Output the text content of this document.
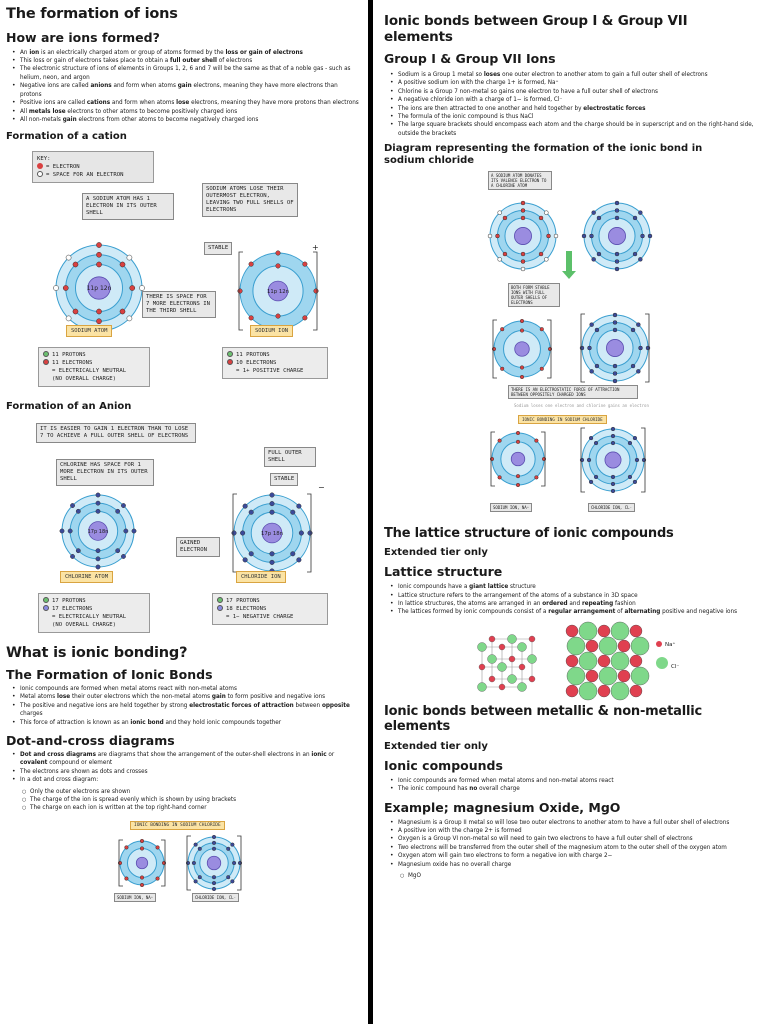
The formation of ions
How are ions formed?
• An ion is an electrically charged atom or group of atoms formed by the loss or gain of electrons
• This loss or gain of electrons takes place to obtain a full outer shell of electrons
• The electronic structure of ions of elements in Groups 1, 2, 6 and 7 will be the same as that of a noble gas - such as helium, neon, and argon
• Negative ions are called anions and form when atoms gain electrons, meaning they have more electrons than protons
• Positive ions are called cations and form when atoms lose electrons, meaning they have more protons than electrons
• All metals lose electrons to other atoms to become positively charged ions
• All non-metals gain electrons from other atoms to become negatively charged ions
Formation of a cation
KEY:
= ELECTRON
= SPACE FOR AN ELECTRON
A SODIUM ATOM HAS 1 ELECTRON IN ITS OUTER SHELL
SODIUM ATOMS LOSE THEIR OUTERMOST ELECTRON, LEAVING TWO FULL SHELLS OF ELECTRONS
STABLE
11p 12n	11p 12n
+
THERE IS SPACE FOR 7 MORE ELECTRONS IN THE THIRD SHELL
SODIUM ATOM	SODIUM ION
11 PROTONS
11 ELECTRONS
= ELECTRICALLY NEUTRAL
(NO OVERALL CHARGE)
11 PROTONS
10 ELECTRONS
= 1+ POSITIVE CHARGE
Formation of an Anion
IT IS EASIER TO GAIN 1 ELECTRON THAN TO LOSE 7 TO ACHIEVE A FULL OUTER SHELL OF ELECTRONS
CHLORINE HAS SPACE FOR 1 MORE ELECTRON IN ITS OUTER SHELL
FULL OUTER SHELL
STABLE
17p 18n	17p 18n
−
GAINED ELECTRON
CHLORINE ATOM	CHLORIDE ION
17 PROTONS
17 ELECTRONS
= ELECTRICALLY NEUTRAL
(NO OVERALL CHARGE)
17 PROTONS
18 ELECTRONS
= 1− NEGATIVE CHARGE
What is ionic bonding?
The Formation of Ionic Bonds
• Ionic compounds are formed when metal atoms react with non-metal atoms
• Metal atoms lose their outer electrons which the non-metal atoms gain to form positive and negative ions
• The positive and negative ions are held together by strong electrostatic forces of attraction between opposite charges
• This force of attraction is known as an ionic bond and they hold ionic compounds together
Dot-and-cross diagrams
• Dot and cross diagrams are diagrams that show the arrangement of the outer-shell electrons in an ionic or covalent compound or element
• The electrons are shown as dots and crosses
• In a dot and cross diagram:
○ Only the outer electrons are shown
○ The charge of the ion is spread evenly which is shown by using brackets
○ The charge on each ion is written at the top right-hand corner
IONIC BONDING IN SODIUM CHLORIDE
SODIUM ION, NA⁺	CHLORIDE ION, CL⁻
Ionic bonds between Group I & Group VII elements
Group I & Group VII Ions
• Sodium is a Group 1 metal so loses one outer electron to another atom to gain a full outer shell of electrons
• A positive sodium ion with the charge 1+ is formed, Na⁺
• Chlorine is a Group 7 non-metal so gains one electron to have a full outer shell of electrons
• A negative chloride ion with a charge of 1− is formed, Cl⁻
• The ions are then attracted to one another and held together by electrostatic forces
• The formula of the ionic compound is thus NaCl
• The large square brackets should encompass each atom and the charge should be in superscript and on the right-hand side, outside the brackets
Diagram representing the formation of the ionic bond in sodium chloride
A SODIUM ATOM DONATES ITS VALENCE ELECTRON TO A CHLORINE ATOM
BOTH FORM STABLE IONS WITH FULL OUTER SHELLS OF ELECTRONS
THERE IS AN ELECTROSTATIC FORCE OF ATTRACTION BETWEEN OPPOSITELY CHARGED IONS
Sodium loses one electron and chlorine gains an electron
IONIC BONDING IN SODIUM CHLORIDE
SODIUM ION, NA⁺	CHLORIDE ION, CL⁻
The lattice structure of ionic compounds
Extended tier only
Lattice structure
• Ionic compounds have a giant lattice structure
• Lattice structure refers to the arrangement of the atoms of a substance in 3D space
• In lattice structures, the atoms are arranged in an ordered and repeating fashion
• The lattices formed by ionic compounds consist of a regular arrangement of alternating positive and negative ions
Na⁺
Cl⁻
Ionic bonds between metallic & non-metallic elements
Extended tier only
Ionic compounds
• Ionic compounds are formed when metal atoms and non-metal atoms react
• The ionic compound has no overall charge
Example; magnesium Oxide, MgO
• Magnesium is a Group II metal so will lose two outer electrons to another atom to have a full outer shell of electrons
• A positive ion with the charge 2+ is formed
• Oxygen is a Group VI non-metal so will need to gain two electrons to have a full outer shell of electrons
• Two electrons will be transferred from the outer shell of the magnesium atom to the outer shell of the oxygen atom
• Oxygen atom will gain two electrons to form a negative ion with charge 2−
• Magnesium oxide has no overall charge
○ MgO
